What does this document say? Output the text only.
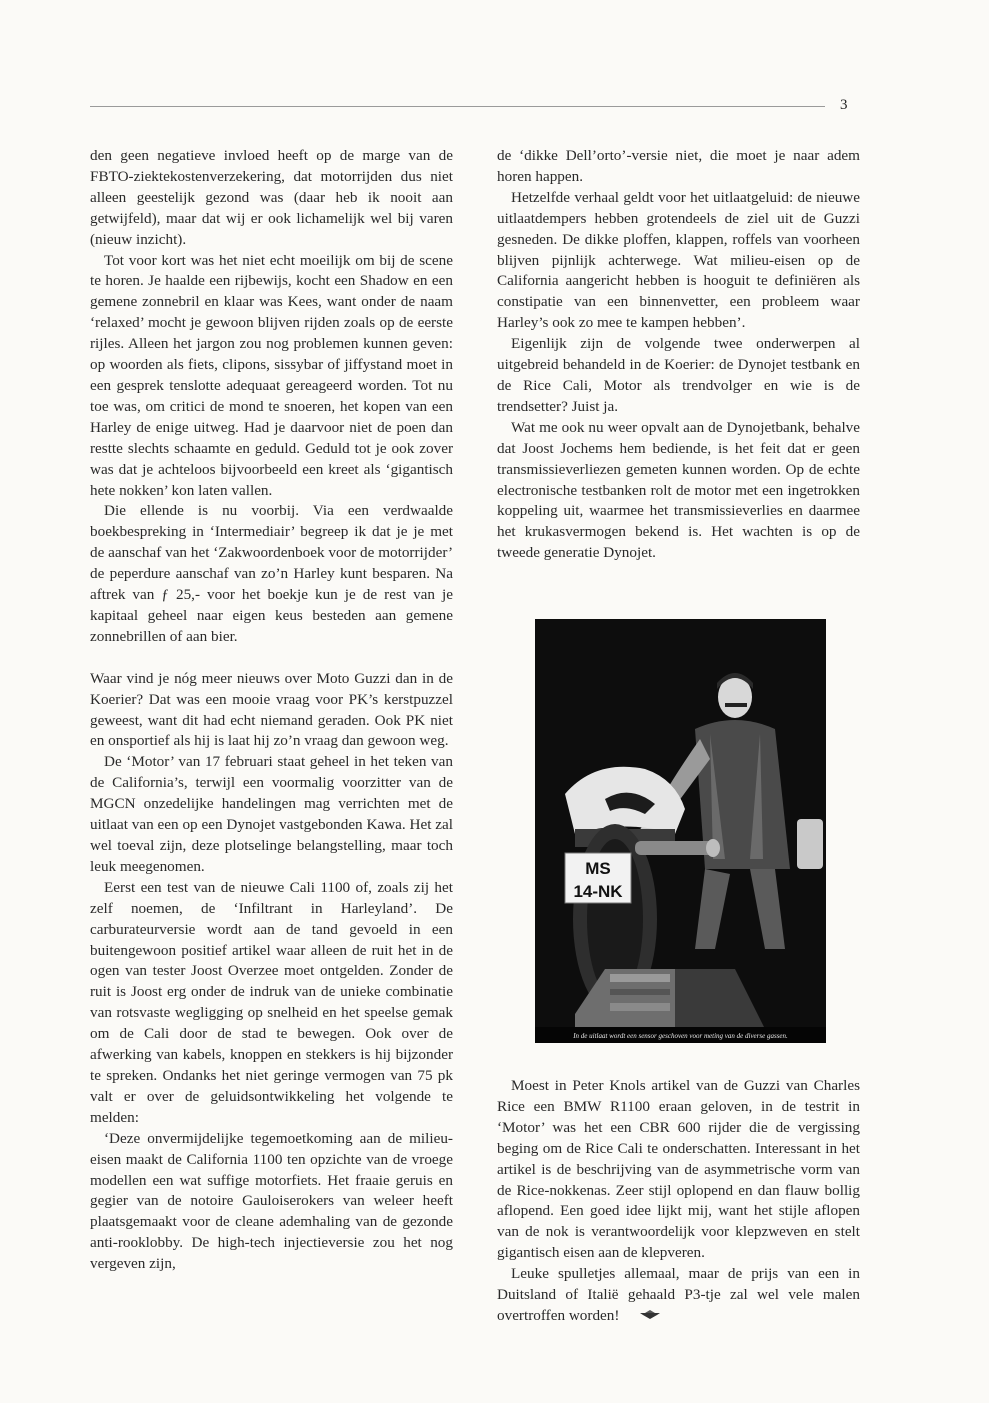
3

den geen negatieve invloed heeft op de marge van de FBTO-ziektekostenverzekering, dat motorrijden dus niet alleen geestelijk gezond was (daar heb ik nooit aan getwijfeld), maar dat wij er ook lichamelijk wel bij varen (nieuw inzicht).

Tot voor kort was het niet echt moeilijk om bij de scene te horen. Je haalde een rijbewijs, kocht een Shadow en een gemene zonnebril en klaar was Kees, want onder de naam ‘relaxed’ mocht je gewoon blijven rijden zoals op de eerste rijles. Alleen het jargon zou nog problemen kunnen geven: op woorden als fiets, clipons, sissybar of jiffystand moet in een gesprek tenslotte adequaat gereageerd worden. Tot nu toe was, om critici de mond te snoeren, het kopen van een Harley de enige uitweg. Had je daarvoor niet de poen dan restte slechts schaamte en geduld. Geduld tot je ook zover was dat je achteloos bijvoorbeeld een kreet als ‘gigantisch hete nokken’ kon laten vallen.

Die ellende is nu voorbij. Via een verdwaalde boekbespreking in ‘Intermediair’ begreep ik dat je je met de aanschaf van het ‘Zakwoordenboek voor de motorrijder’ de peperdure aanschaf van zo’n Harley kunt besparen. Na aftrek van ƒ 25,- voor het boekje kun je de rest van je kapitaal geheel naar eigen keus besteden aan gemene zonnebrillen of aan bier.

Waar vind je nóg meer nieuws over Moto Guzzi dan in de Koerier? Dat was een mooie vraag voor PK’s kerstpuzzel geweest, want dit had echt niemand geraden. Ook PK niet en onsportief als hij is laat hij zo’n vraag dan gewoon weg.

De ‘Motor’ van 17 februari staat geheel in het teken van de California’s, terwijl een voormalig voorzitter van de MGCN onzedelijke handelingen mag verrichten met de uitlaat van een op een Dynojet vastgebonden Kawa. Het zal wel toeval zijn, deze plotselinge belangstelling, maar toch leuk meegenomen.

Eerst een test van de nieuwe Cali 1100 of, zoals zij het zelf noemen, de ‘Infiltrant in Harleyland’. De carburateurversie wordt aan de tand gevoeld in een buitengewoon positief artikel waar alleen de ruit het in de ogen van tester Joost Overzee moet ontgelden. Zonder de ruit is Joost erg onder de indruk van de unieke combinatie van rotsvaste wegligging op snelheid en het speelse gemak om de Cali door de stad te bewegen. Ook over de afwerking van kabels, knoppen en stekkers is hij bijzonder te spreken. Ondanks het niet geringe vermogen van 75 pk valt er over de geluidsontwikkeling het volgende te melden:

‘Deze onvermijdelijke tegemoetkoming aan de milieu-eisen maakt de California 1100 ten opzichte van de vroege modellen een wat suffige motorfiets. Het fraaie geruis en gegier van de notoire Gauloiserokers van weleer heeft plaatsgemaakt voor de cleane ademhaling van de gezonde anti-rooklobby. De high-tech injectieversie zou het nog vergeven zijn,

de ‘dikke Dell’orto’-versie niet, die moet je naar adem horen happen.

Hetzelfde verhaal geldt voor het uitlaatgeluid: de nieuwe uitlaatdempers hebben grotendeels de ziel uit de Guzzi gesneden. De dikke ploffen, klappen, roffels van voorheen blijven pijnlijk achterwege. Wat milieu-eisen op de California aangericht hebben is hooguit te definiëren als constipatie van een binnenvetter, een probleem waar Harley’s ook zo mee te kampen hebben’.

Eigenlijk zijn de volgende twee onderwerpen al uitgebreid behandeld in de Koerier: de Dynojet testbank en de Rice Cali, Motor als trendvolger en wie is de trendsetter? Juist ja.

Wat me ook nu weer opvalt aan de Dynojetbank, behalve dat Joost Jochems hem bediende, is het feit dat er geen transmissieverliezen gemeten kunnen worden. Op de echte electronische testbanken rolt de motor met een ingetrokken koppeling uit, waarmee het transmissieverlies en daarmee het krukasvermogen bekend is. Het wachten is op de tweede generatie Dynojet.

MS
14-NK
In de uitlaat wordt een sensor geschoven voor meting van de diverse gassen.

Moest in Peter Knols artikel van de Guzzi van Charles Rice een BMW R1100 eraan geloven, in de testrit in ‘Motor’ was het een CBR 600 rijder die de vergissing beging om de Rice Cali te onderschatten. Interessant in het artikel is de beschrijving van de asymmetrische vorm van de Rice-nokkenas. Zeer stijl oplopend en dan flauw bollig aflopend. Een goed idee lijkt mij, want het stijle aflopen van de nok is verantwoordelijk voor klepzweven en stelt gigantisch eisen aan de klepveren.

Leuke spulletjes allemaal, maar de prijs van een in Duitsland of Italië gehaald P3-tje zal wel vele malen overtroffen worden!
